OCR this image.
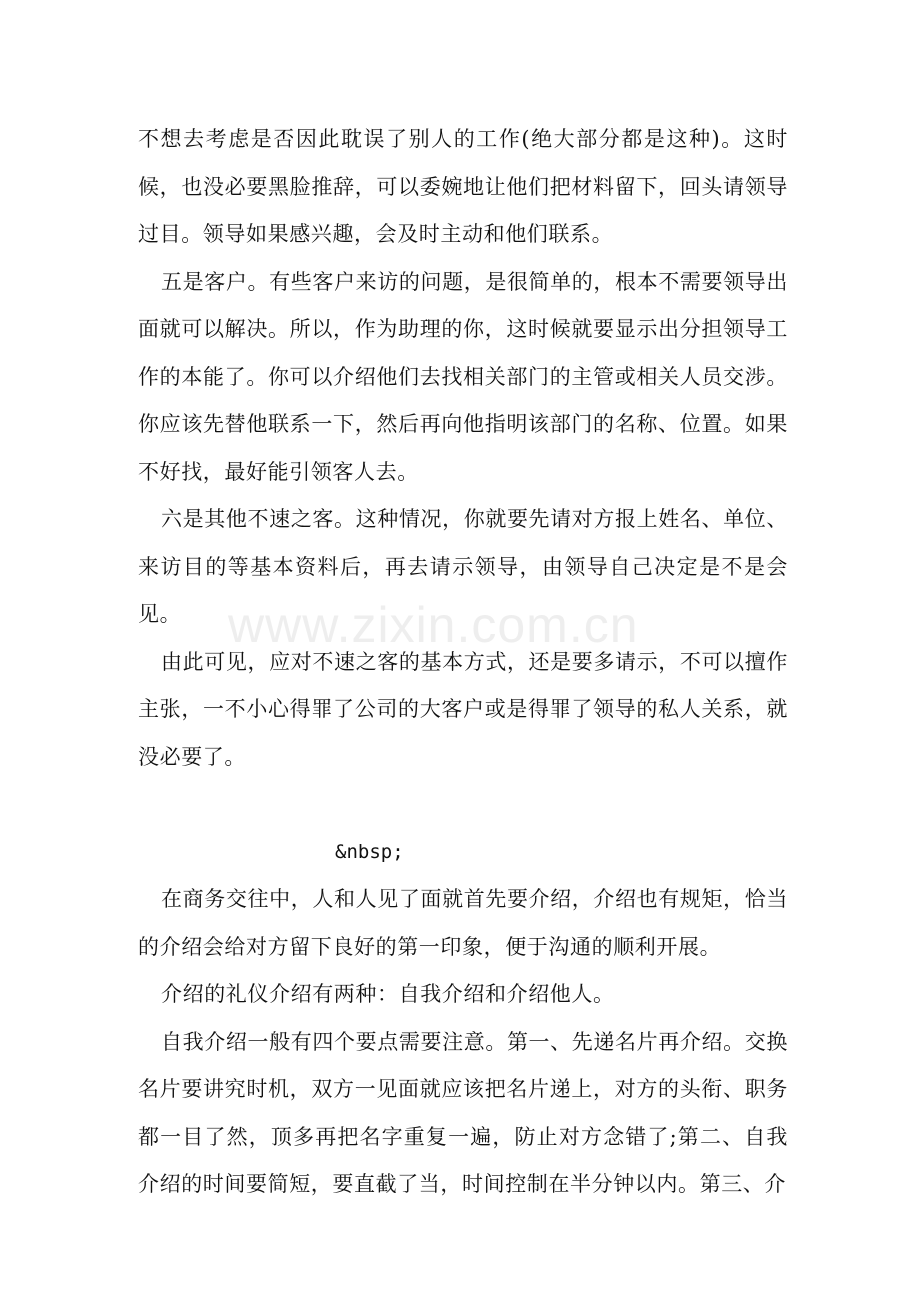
不想去考虑是否因此耽误了别人的工作(绝大部分都是这种)。这时候，也没必要黑脸推辞，可以委婉地让他们把材料留下，回头请领导过目。领导如果感兴趣，会及时主动和他们联系。

五是客户。有些客户来访的问题，是很简单的，根本不需要领导出面就可以解决。所以，作为助理的你，这时候就要显示出分担领导工作的本能了。你可以介绍他们去找相关部门的主管或相关人员交涉。你应该先替他联系一下，然后再向他指明该部门的名称、位置。如果不好找，最好能引领客人去。

六是其他不速之客。这种情况，你就要先请对方报上姓名、单位、来访目的等基本资料后，再去请示领导，由领导自己决定是不是会见。

由此可见，应对不速之客的基本方式，还是要多请示，不可以擅作主张，一不小心得罪了公司的大客户或是得罪了领导的私人关系，就没必要了。

&nbsp;

在商务交往中，人和人见了面就首先要介绍，介绍也有规矩，恰当的介绍会给对方留下良好的第一印象，便于沟通的顺利开展。

介绍的礼仪介绍有两种：自我介绍和介绍他人。

自我介绍一般有四个要点需要注意。第一、先递名片再介绍。交换名片要讲究时机，双方一见面就应该把名片递上，对方的头衔、职务都一目了然，顶多再把名字重复一遍，防止对方念错了;第二、自我介绍的时间要简短，要直截了当，时间控制在半分钟以内。第三、介

www.zixin.com.cn
